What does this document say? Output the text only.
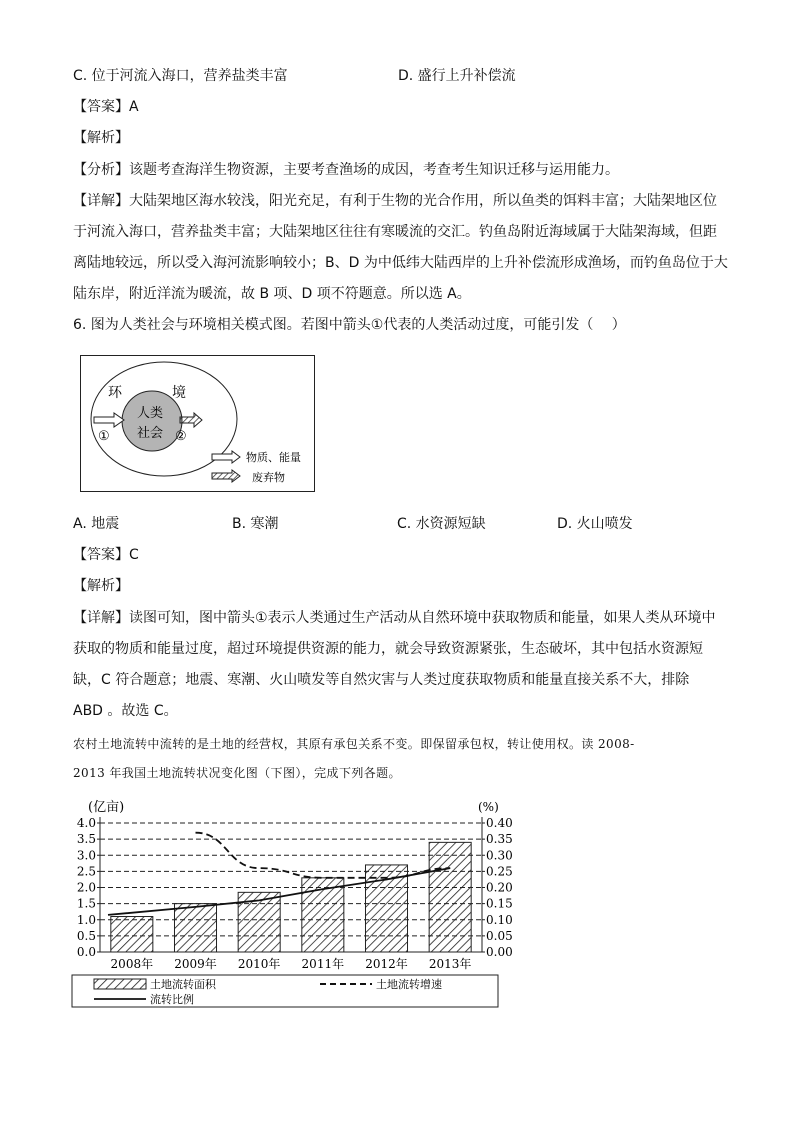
C. 位于河流入海口，营养盐类丰富	D. 盛行上升补偿流
【答案】A
【解析】
【分析】该题考查海洋生物资源，主要考查渔场的成因，考查考生知识迁移与运用能力。
【详解】大陆架地区海水较浅，阳光充足，有利于生物的光合作用，所以鱼类的饵料丰富；大陆架地区位
于河流入海口，营养盐类丰富；大陆架地区往往有寒暖流的交汇。钓鱼岛附近海域属于大陆架海域，但距
离陆地较远，所以受入海河流影响较小；B、D 为中低纬大陆西岸的上升补偿流形成渔场，而钓鱼岛位于大
陆东岸，附近洋流为暖流，故 B 项、D 项不符题意。所以选 A。
6. 图为人类社会与环境相关模式图。若图中箭头①代表的人类活动过度，可能引发（　 ）
环	境
人类
社会
①	②
物质、能量
废弃物
A. 地震	B. 寒潮	C. 水资源短缺	D. 火山喷发
【答案】C
【解析】
【详解】读图可知，图中箭头①表示人类通过生产活动从自然环境中获取物质和能量，如果人类从环境中
获取的物质和能量过度，超过环境提供资源的能力，就会导致资源紧张，生态破坏，其中包括水资源短
缺，C 符合题意；地震、寒潮、火山喷发等自然灾害与人类过度获取物质和能量直接关系不大，排除
ABD 。故选 C。
农村土地流转中流转的是土地的经营权，其原有承包关系不变。即保留承包权，转让使用权。读 2008-
2013 年我国土地流转状况变化图（下图），完成下列各题。
0.0
0.5
1.0
1.5
2.0
2.5
3.0
3.5
4.0
0.00
0.05
0.10
0.15
0.20
0.25
0.30
0.35
0.40
(亿亩)	(%)
2008年 2009年 2010年 2011年 2012年 2013年
土地流转面积	土地流转增速
流转比例
